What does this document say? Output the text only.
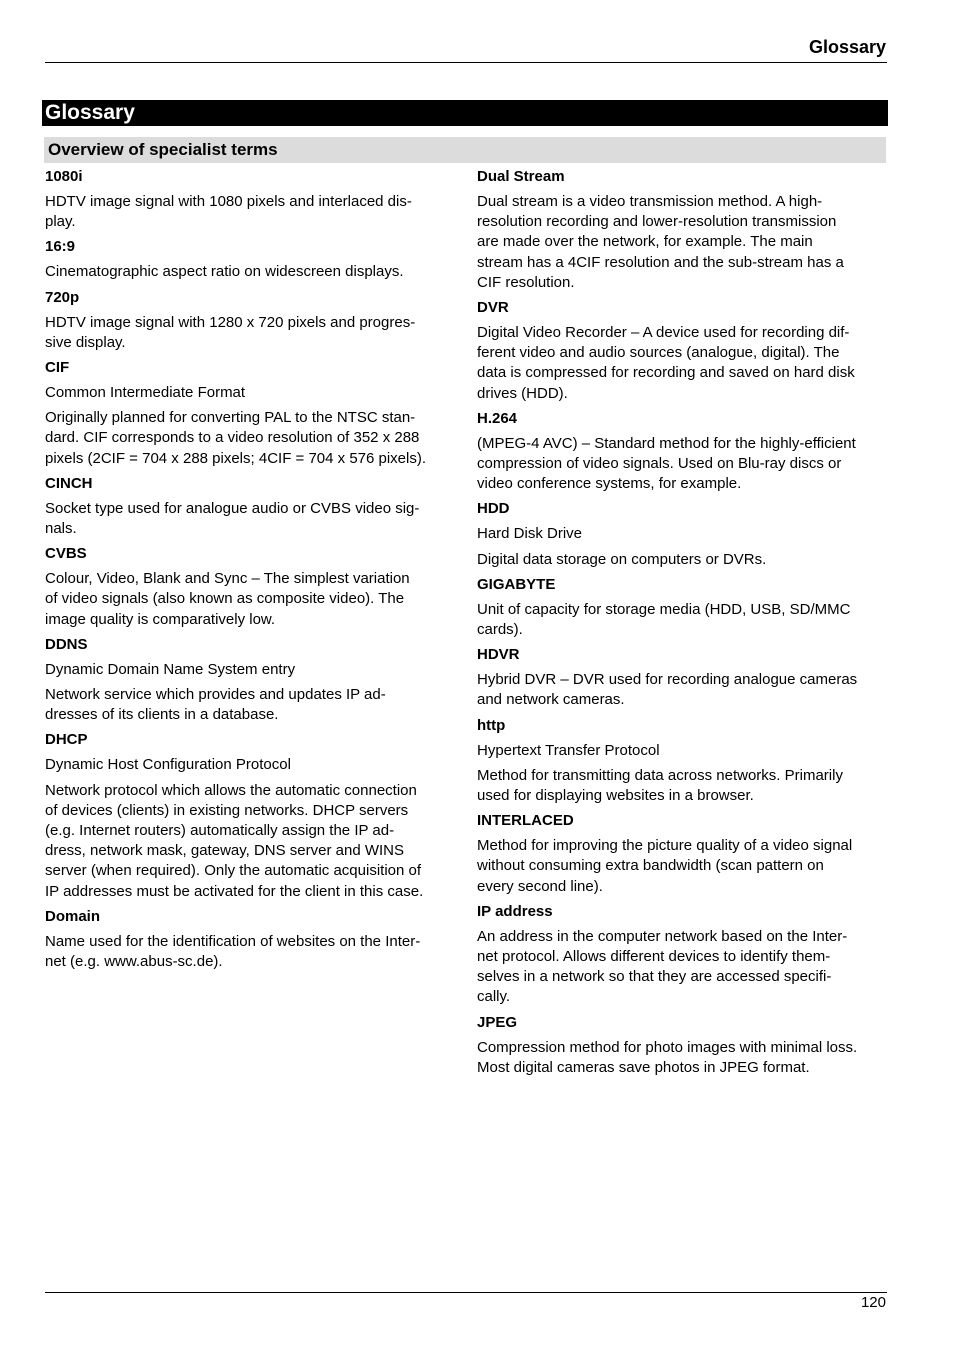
Glossary
Glossary
Overview of specialist terms

1080i

HDTV image signal with 1080 pixels and interlaced dis-
play.

16:9

Cinematographic aspect ratio on widescreen displays.

720p

HDTV image signal with 1280 x 720 pixels and progres-
sive display.

CIF

Common Intermediate Format

Originally planned for converting PAL to the NTSC stan-
dard. CIF corresponds to a video resolution of 352 x 288
pixels (2CIF = 704 x 288 pixels; 4CIF = 704 x 576 pixels).

CINCH

Socket type used for analogue audio or CVBS video sig-
nals.

CVBS

Colour, Video, Blank and Sync – The simplest variation
of video signals (also known as composite video). The
image quality is comparatively low.

DDNS

Dynamic Domain Name System entry

Network service which provides and updates IP ad-
dresses of its clients in a database.

DHCP

Dynamic Host Configuration Protocol

Network protocol which allows the automatic connection
of devices (clients) in existing networks. DHCP servers
(e.g. Internet routers) automatically assign the IP ad-
dress, network mask, gateway, DNS server and WINS
server (when required). Only the automatic acquisition of
IP addresses must be activated for the client in this case.

Domain

Name used for the identification of websites on the Inter-
net (e.g. www.abus-sc.de).

Dual Stream

Dual stream is a video transmission method. A high-
resolution recording and lower-resolution transmission
are made over the network, for example. The main
stream has a 4CIF resolution and the sub-stream has a
CIF resolution.

DVR

Digital Video Recorder – A device used for recording dif-
ferent video and audio sources (analogue, digital). The
data is compressed for recording and saved on hard disk
drives (HDD).

H.264

(MPEG-4 AVC) – Standard method for the highly-efficient
compression of video signals. Used on Blu-ray discs or
video conference systems, for example.

HDD

Hard Disk Drive

Digital data storage on computers or DVRs.

GIGABYTE

Unit of capacity for storage media (HDD, USB, SD/MMC
cards).

HDVR

Hybrid DVR – DVR used for recording analogue cameras
and network cameras.

http

Hypertext Transfer Protocol

Method for transmitting data across networks. Primarily
used for displaying websites in a browser.

INTERLACED

Method for improving the picture quality of a video signal
without consuming extra bandwidth (scan pattern on
every second line).

IP address

An address in the computer network based on the Inter-
net protocol. Allows different devices to identify them-
selves in a network so that they are accessed specifi-
cally.

JPEG

Compression method for photo images with minimal loss.
Most digital cameras save photos in JPEG format.

120
